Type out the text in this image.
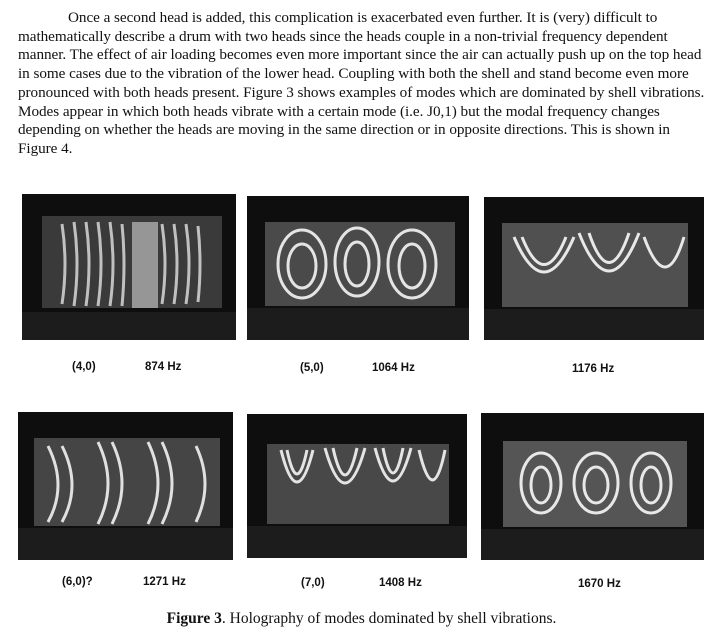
Once a second head is added, this complication is exacerbated even further. It is (very) difficult to mathematically describe a drum with two heads since the heads couple in a non-trivial frequency dependent manner. The effect of air loading becomes even more important since the air can actually push up on the top head in some cases due to the vibration of the lower head. Coupling with both the shell and stand become even more pronounced with both heads present. Figure 3 shows examples of modes which are dominated by shell vibrations. Modes appear in which both heads vibrate with a certain mode (i.e. J0,1) but the modal frequency changes depending on whether the heads are moving in the same direction or in opposite directions. This is shown in Figure 4.

(4,0)	874 Hz	(5,0)	1064 Hz	1176 Hz
(6,0)?	1271 Hz	(7,0)	1408 Hz	1670 Hz
Figure 3. Holography of modes dominated by shell vibrations.
